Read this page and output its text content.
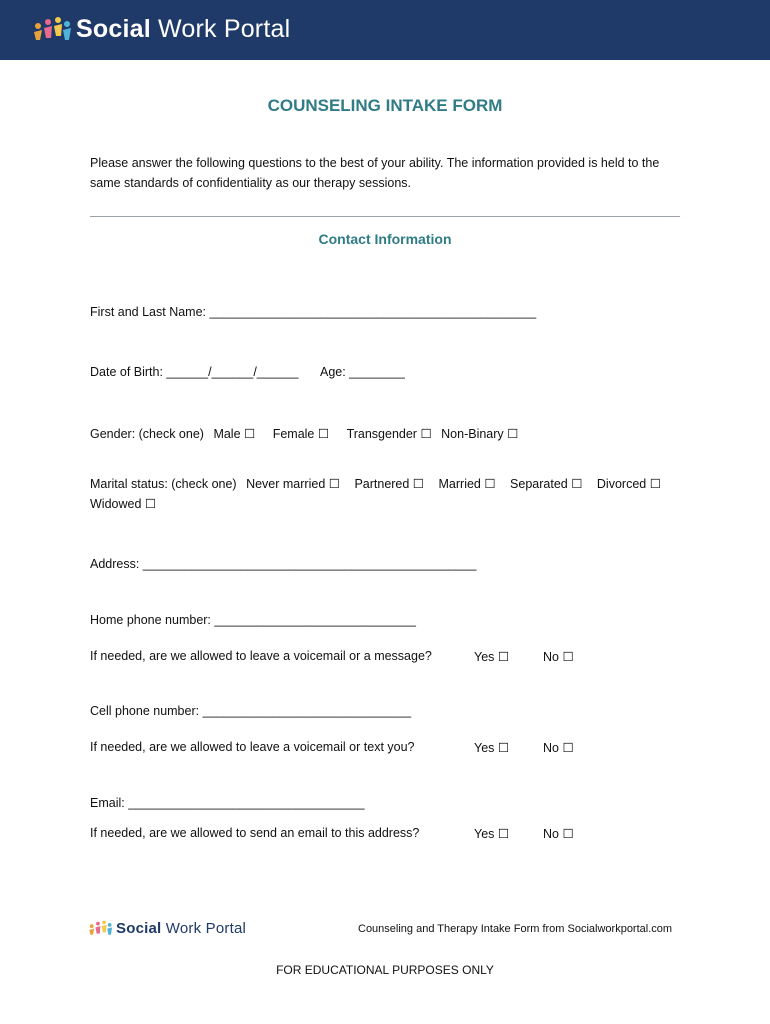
Social Work Portal
COUNSELING INTAKE FORM
Please answer the following questions to the best of your ability. The information provided is held to the same standards of confidentiality as our therapy sessions.
Contact Information
First and Last Name: _______________________________________________
Date of Birth: ______/______/______ Age: ________
Gender: (check one) Male ☐ Female ☐ Transgender ☐ Non-Binary ☐
Marital status: (check one) Never married ☐ Partnered ☐ Married ☐ Separated ☐ Divorced ☐
Widowed ☐
Address: ________________________________________________
Home phone number: _____________________________
If needed, are we allowed to leave a voicemail or a message?	Yes ☐	No ☐
Cell phone number: ______________________________
If needed, are we allowed to leave a voicemail or text you?	Yes ☐	No ☐
Email: __________________________________
If needed, are we allowed to send an email to this address?	Yes ☐	No ☐
Social Work Portal	Counseling and Therapy Intake Form from Socialworkportal.com
FOR EDUCATIONAL PURPOSES ONLY
